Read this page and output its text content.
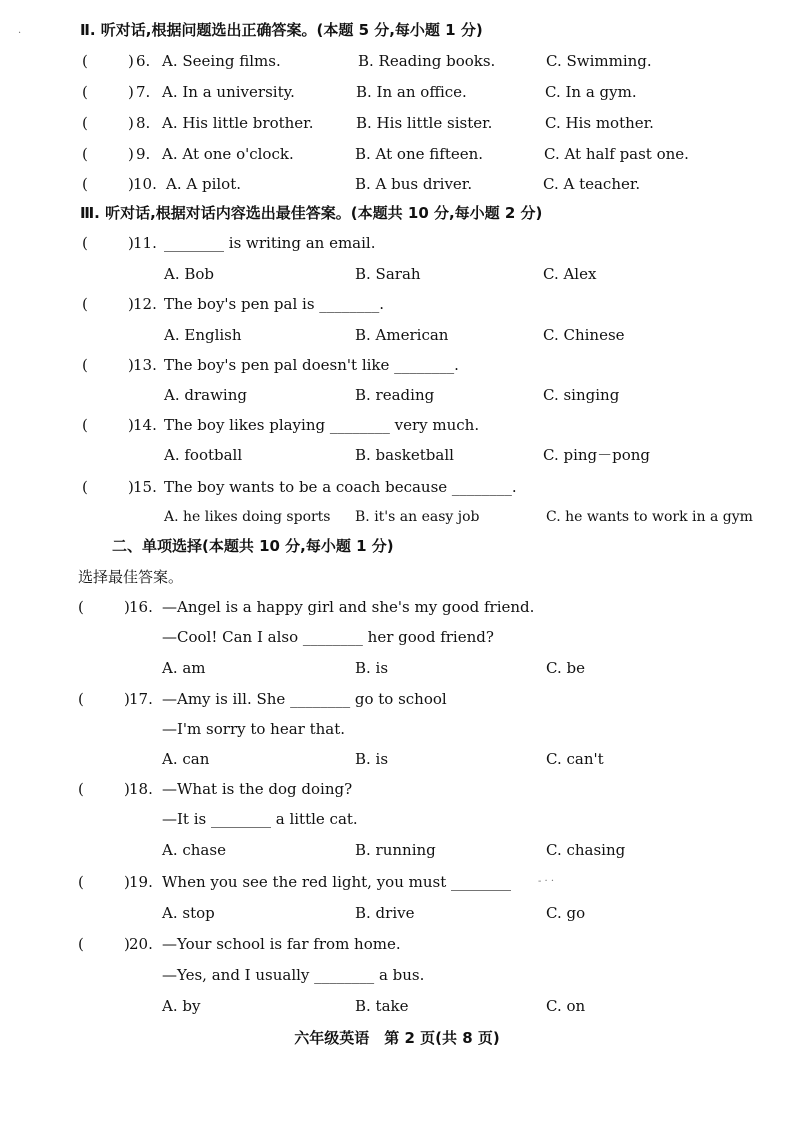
Ⅱ. 听对话,根据问题选出正确答案。(本题 5 分,每小题 1 分)
·
(	) 6. A. Seeing films.	B. Reading books.	C. Swimming.
(	) 7. A. In a university.	B. In an office.	C. In a gym.
(	) 8. A. His little brother.	B. His little sister.	C. His mother.
(	) 9. A. At one o'clock.	B. At one fifteen.	C. At half past one.
(	) 10. A. A pilot.	B. A bus driver.	C. A teacher.
Ⅲ. 听对话,根据对话内容选出最佳答案。(本题共 10 分,每小题 2 分)
(	) 11. ________ is writing an email.
A. Bob	B. Sarah	C. Alex
(	) 12. The boy's pen pal is ________.
A. English	B. American	C. Chinese
(	) 13. The boy's pen pal doesn't like ________.
A. drawing	B. reading	C. singing
(	) 14. The boy likes playing ________ very much.
A. football	B. basketball	C. ping－pong
(	) 15. The boy wants to be a coach because ________.
A. he likes doing sports B. it's an easy job	C. he wants to work in a gym
二、单项选择(本题共 10 分,每小题 1 分)
选择最佳答案。
(	) 16. —Angel is a happy girl and she's my good friend.
—Cool! Can I also ________ her good friend?
A. am	B. is	C. be
(	) 17. —Amy is ill. She ________ go to school
—I'm sorry to hear that.
A. can	B. is	C. can't
(	) 18. —What is the dog doing?
—It is ________ a little cat.
A. chase	B. running	C. chasing
(	) 19. When you see the red light, you must ________	- · ·
A. stop	B. drive	C. go
(	) 20. —Your school is far from home.
—Yes, and I usually ________ a bus.
A. by	B. take	C. on
六年级英语　第 2 页(共 8 页)
